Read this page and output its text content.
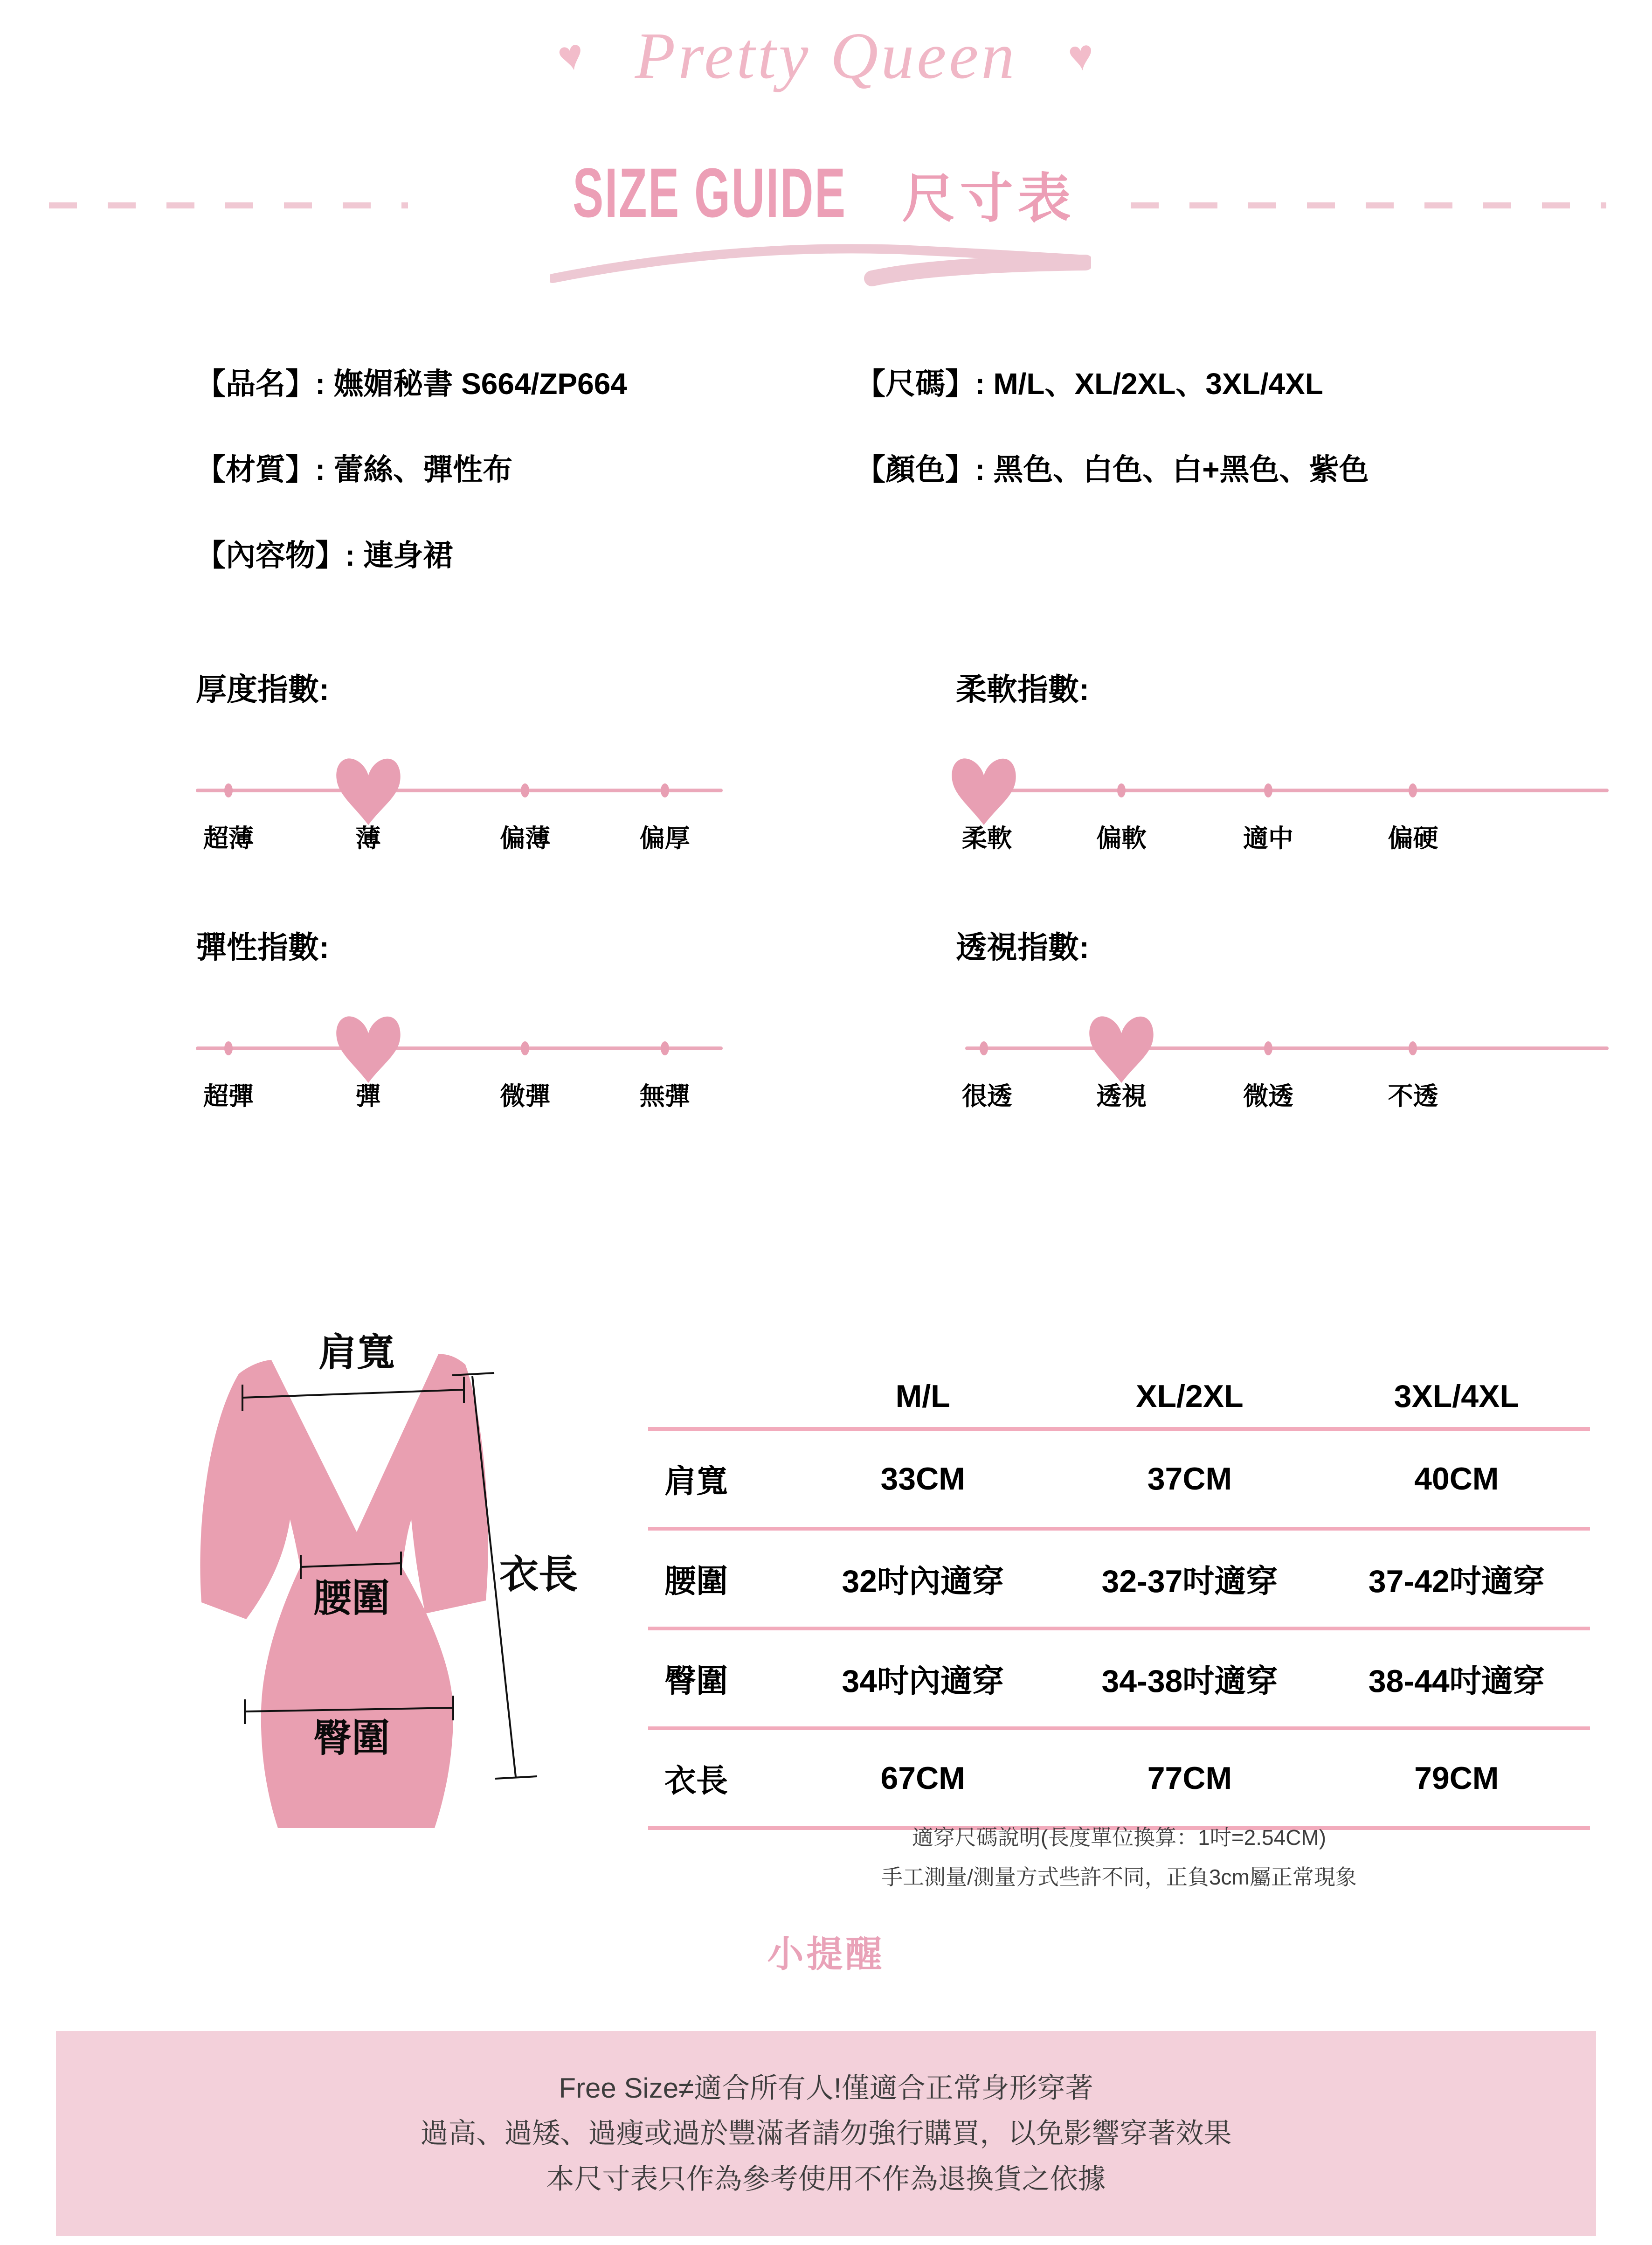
♥ Pretty Queen ♥
SIZE GUIDE 尺寸表
【品名】: 嫵媚秘書 S664/ZP664
【材質】: 蕾絲、彈性布
【內容物】: 連身裙
【尺碼】: M/L、XL/2XL、3XL/4XL
【顏色】: 黑色、白色、白+黑色、紫色
厚度指數:
超薄	薄	偏薄	偏厚
柔軟指數:
柔軟	偏軟	適中	偏硬
彈性指數:
超彈	彈	微彈	無彈
透視指數:
很透	透視	微透	不透
肩寬
腰圍
臀圍
衣長
M/L	XL/2XL	3XL/4XL
肩寬	33CM	37CM	40CM
腰圍	32吋內適穿	32-37吋適穿	37-42吋適穿
臀圍	34吋內適穿	34-38吋適穿	38-44吋適穿
衣長	67CM	77CM	79CM
適穿尺碼說明(長度單位換算：1吋=2.54CM)
手工測量/測量方式些許不同，正負3cm屬正常現象
小提醒
Free Size≠適合所有人!僅適合正常身形穿著
過高、過矮、過瘦或過於豐滿者請勿強行購買，以免影響穿著效果
本尺寸表只作為參考使用不作為退換貨之依據
